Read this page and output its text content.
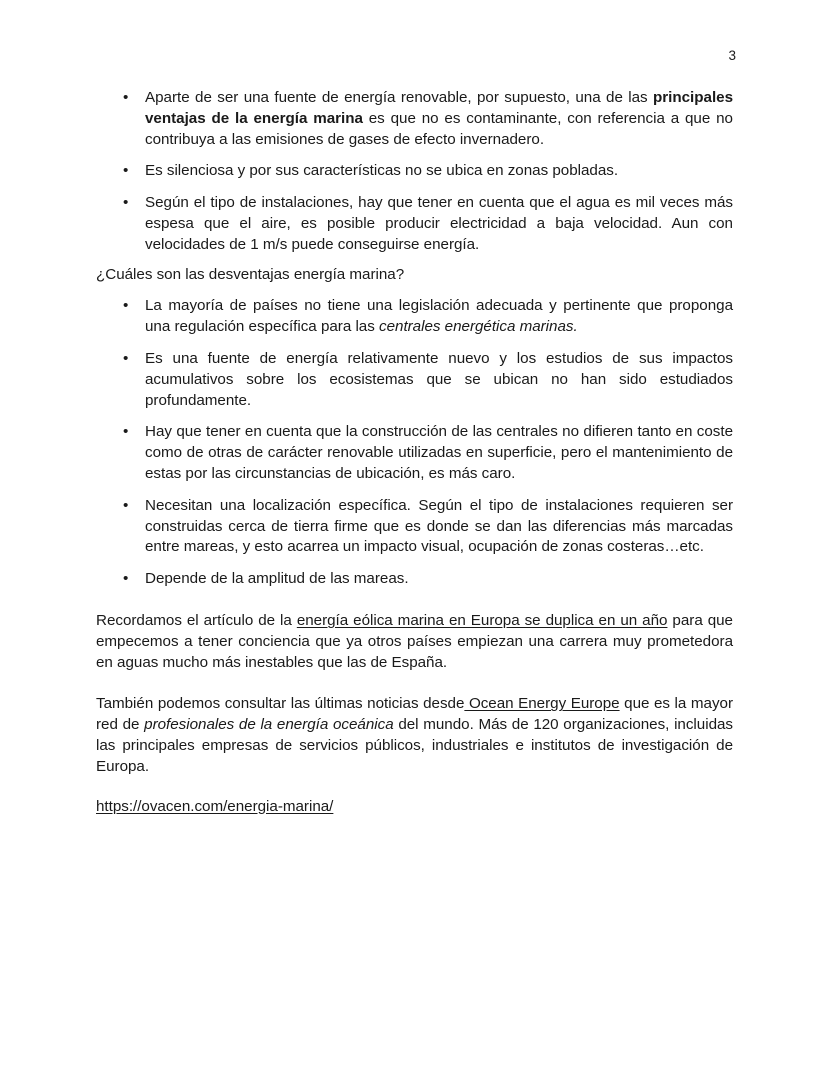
3
• Aparte de ser una fuente de energía renovable, por supuesto, una de las principales ventajas de la energía marina es que no es contaminante, con referencia a que no contribuya a las emisiones de gases de efecto invernadero.
• Es silenciosa y por sus características no se ubica en zonas pobladas.
• Según el tipo de instalaciones, hay que tener en cuenta que el agua es mil veces más espesa que el aire, es posible producir electricidad a baja velocidad. Aun con velocidades de 1 m/s puede conseguirse energía.

¿Cuáles son las desventajas energía marina?

• La mayoría de países no tiene una legislación adecuada y pertinente que proponga una regulación específica para las centrales energética marinas.
• Es una fuente de energía relativamente nuevo y los estudios de sus impactos acumulativos sobre los ecosistemas que se ubican no han sido estudiados profundamente.
• Hay que tener en cuenta que la construcción de las centrales no difieren tanto en coste como de otras de carácter renovable utilizadas en superficie, pero el mantenimiento de estas por las circunstancias de ubicación, es más caro.
• Necesitan una localización específica. Según el tipo de instalaciones requieren ser construidas cerca de tierra firme que es donde se dan las diferencias más marcadas entre mareas, y esto acarrea un impacto visual, ocupación de zonas costeras…etc.
• Depende de la amplitud de las mareas.

Recordamos el artículo de la energía eólica marina en Europa se duplica en un año para que empecemos a tener conciencia que ya otros países empiezan una carrera muy prometedora en aguas mucho más inestables que las de España.

También podemos consultar las últimas noticias desde Ocean Energy Europe que es la mayor red de profesionales de la energía oceánica del mundo. Más de 120 organizaciones, incluidas las principales empresas de servicios públicos, industriales e institutos de investigación de Europa.

https://ovacen.com/energia-marina/
